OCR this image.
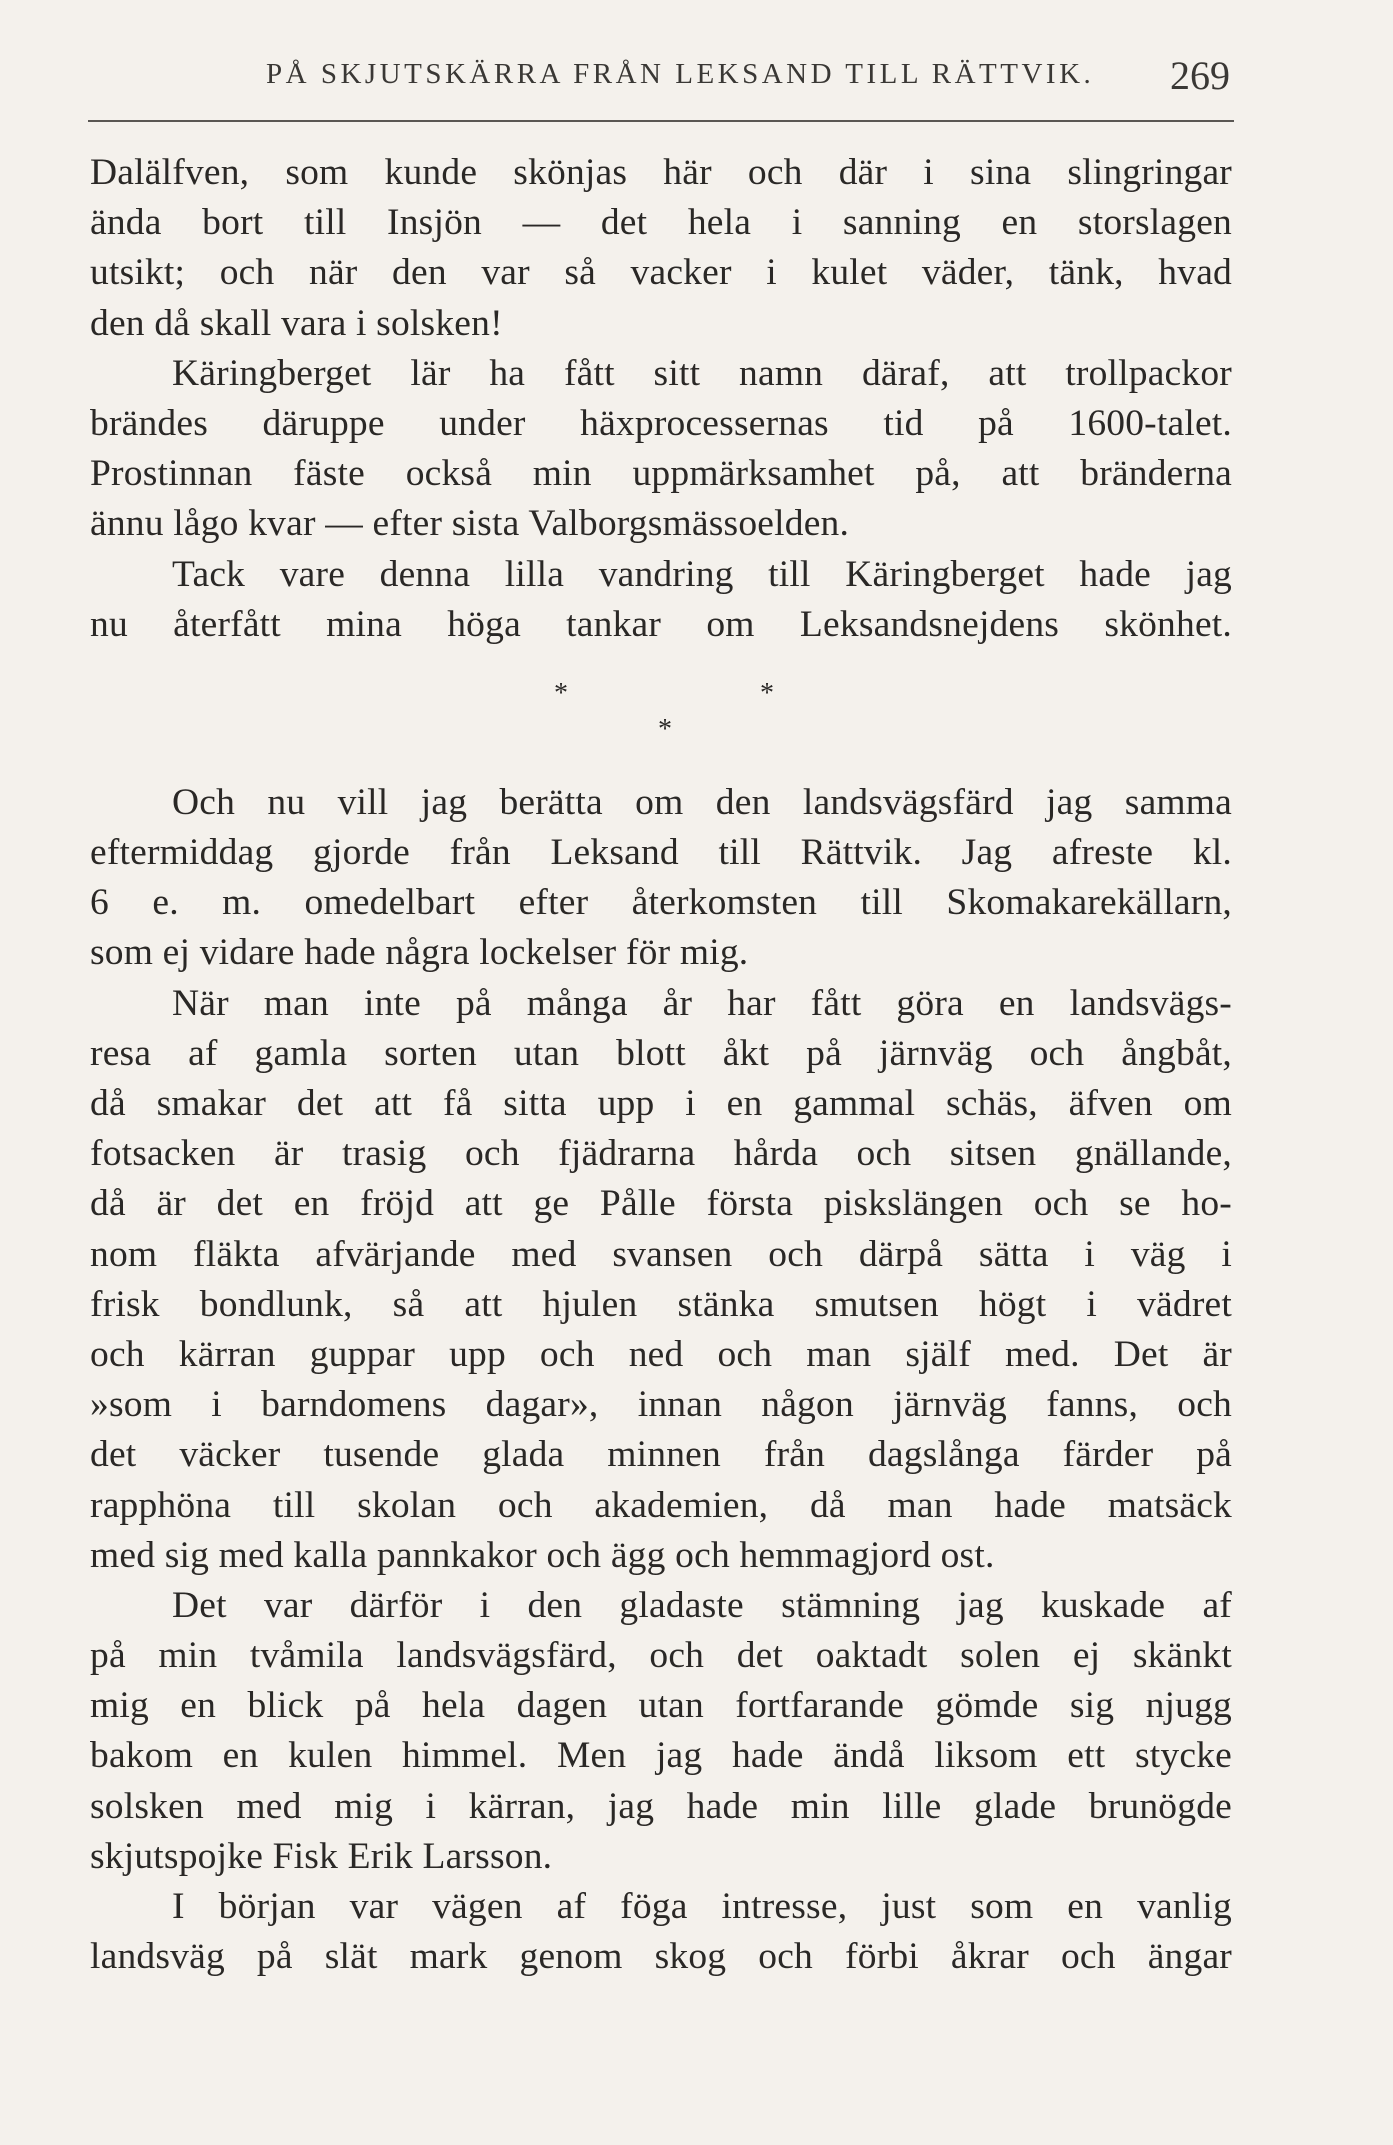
PÅ SKJUTSKÄRRA FRÅN LEKSAND TILL RÄTTVIK. 269
Dalälfven, som kunde skönjas här och där i sina slingringar
ända bort till Insjön — det hela i sanning en storslagen
utsikt; och när den var så vacker i kulet väder, tänk, hvad
den då skall vara i solsken!
Käringberget lär ha fått sitt namn däraf, att trollpackor
brändes däruppe under häxprocessernas tid på 1600-talet.
Prostinnan fäste också min uppmärksamhet på, att bränderna
ännu lågo kvar — efter sista Valborgsmässoelden.
Tack vare denna lilla vandring till Käringberget hade jag
nu återfått mina höga tankar om Leksandsnejdens skönhet.
*	*
*
Och nu vill jag berätta om den landsvägsfärd jag samma
eftermiddag gjorde från Leksand till Rättvik. Jag afreste kl.
6 e. m. omedelbart efter återkomsten till Skomakarekällarn,
som ej vidare hade några lockelser för mig.
När man inte på många år har fått göra en landsvägs-
resa af gamla sorten utan blott åkt på järnväg och ångbåt,
då smakar det att få sitta upp i en gammal schäs, äfven om
fotsacken är trasig och fjädrarna hårda och sitsen gnällande,
då är det en fröjd att ge Pålle första piskslängen och se ho-
nom fläkta afvärjande med svansen och därpå sätta i väg i
frisk bondlunk, så att hjulen stänka smutsen högt i vädret
och kärran guppar upp och ned och man själf med. Det är
»som i barndomens dagar», innan någon järnväg fanns, och
det väcker tusende glada minnen från dagslånga färder på
rapphöna till skolan och akademien, då man hade matsäck
med sig med kalla pannkakor och ägg och hemmagjord ost.
Det var därför i den gladaste stämning jag kuskade af
på min tvåmila landsvägsfärd, och det oaktadt solen ej skänkt
mig en blick på hela dagen utan fortfarande gömde sig njugg
bakom en kulen himmel. Men jag hade ändå liksom ett stycke
solsken med mig i kärran, jag hade min lille glade brunögde
skjutspojke Fisk Erik Larsson.
I början var vägen af föga intresse, just som en vanlig
landsväg på slät mark genom skog och förbi åkrar och ängar
